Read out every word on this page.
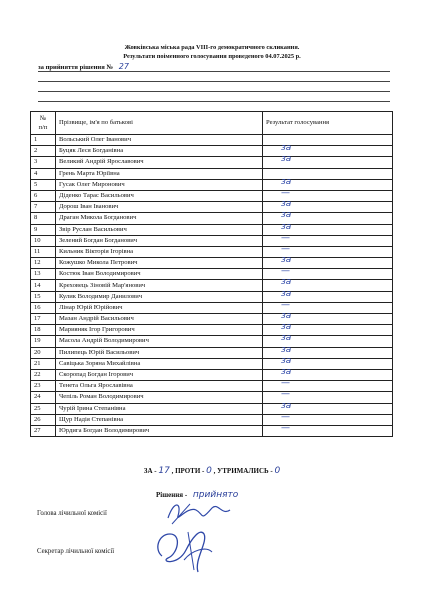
Жовківська міська рада VIII-го демократичного скликання.
Результати поіменного голосування проведеного 04.07.2025 р.
за прийняття рішення № 27
№
п/п	Прізвище, ім'я по батькові	Результат голосування
1	Вольський Олег Іванович	

2	Буцяк Леся Богданівна	за

3	Великий Андрій Ярославович	за

4	Грень Марта Юріївна	

5	Гусак Олег Миронович	за

6	Діденко Тарас Васильович	—

7	Дорош Іван Іванович	за

8	Драган Микола Богданович	за

9	Звір Руслан Васильович	за

10	Зелений Богдан Богданович	—

11	Кильник Вікторія Ігорівна	—

12	Кожушко Микола Петрович	за

13	Костюк Іван Володимирович	—

14	Креховець Зіновій Мар'янович	за

15	Кулик Володимир Данилович	за

16	Лінар Юрій Юрійович	—

17	Мазан Андрій Васильович	за

18	Марияняк Ігор Григорович	за

19	Масола Андрій Володимирович	за

20	Пилипець Юрій Васильович	за

21	Савіцька Зоряна Михайлівна	за

22	Скоропад Богдан Ігорович	за

23	Тенета Ольга Ярославівна	—

24	Чепіль Роман Володимирович	—

25	Чурій Ірина Степанівна	за

26	Щур Надія Степанівна	—

27	Юрдига Богдан Володимирович	—
ЗА - 17 , ПРОТИ - 0 , УТРИМАЛИСЬ - 0
Рішення - прийнято
Голова лічильної комісії
Секретар лічильної комісії
